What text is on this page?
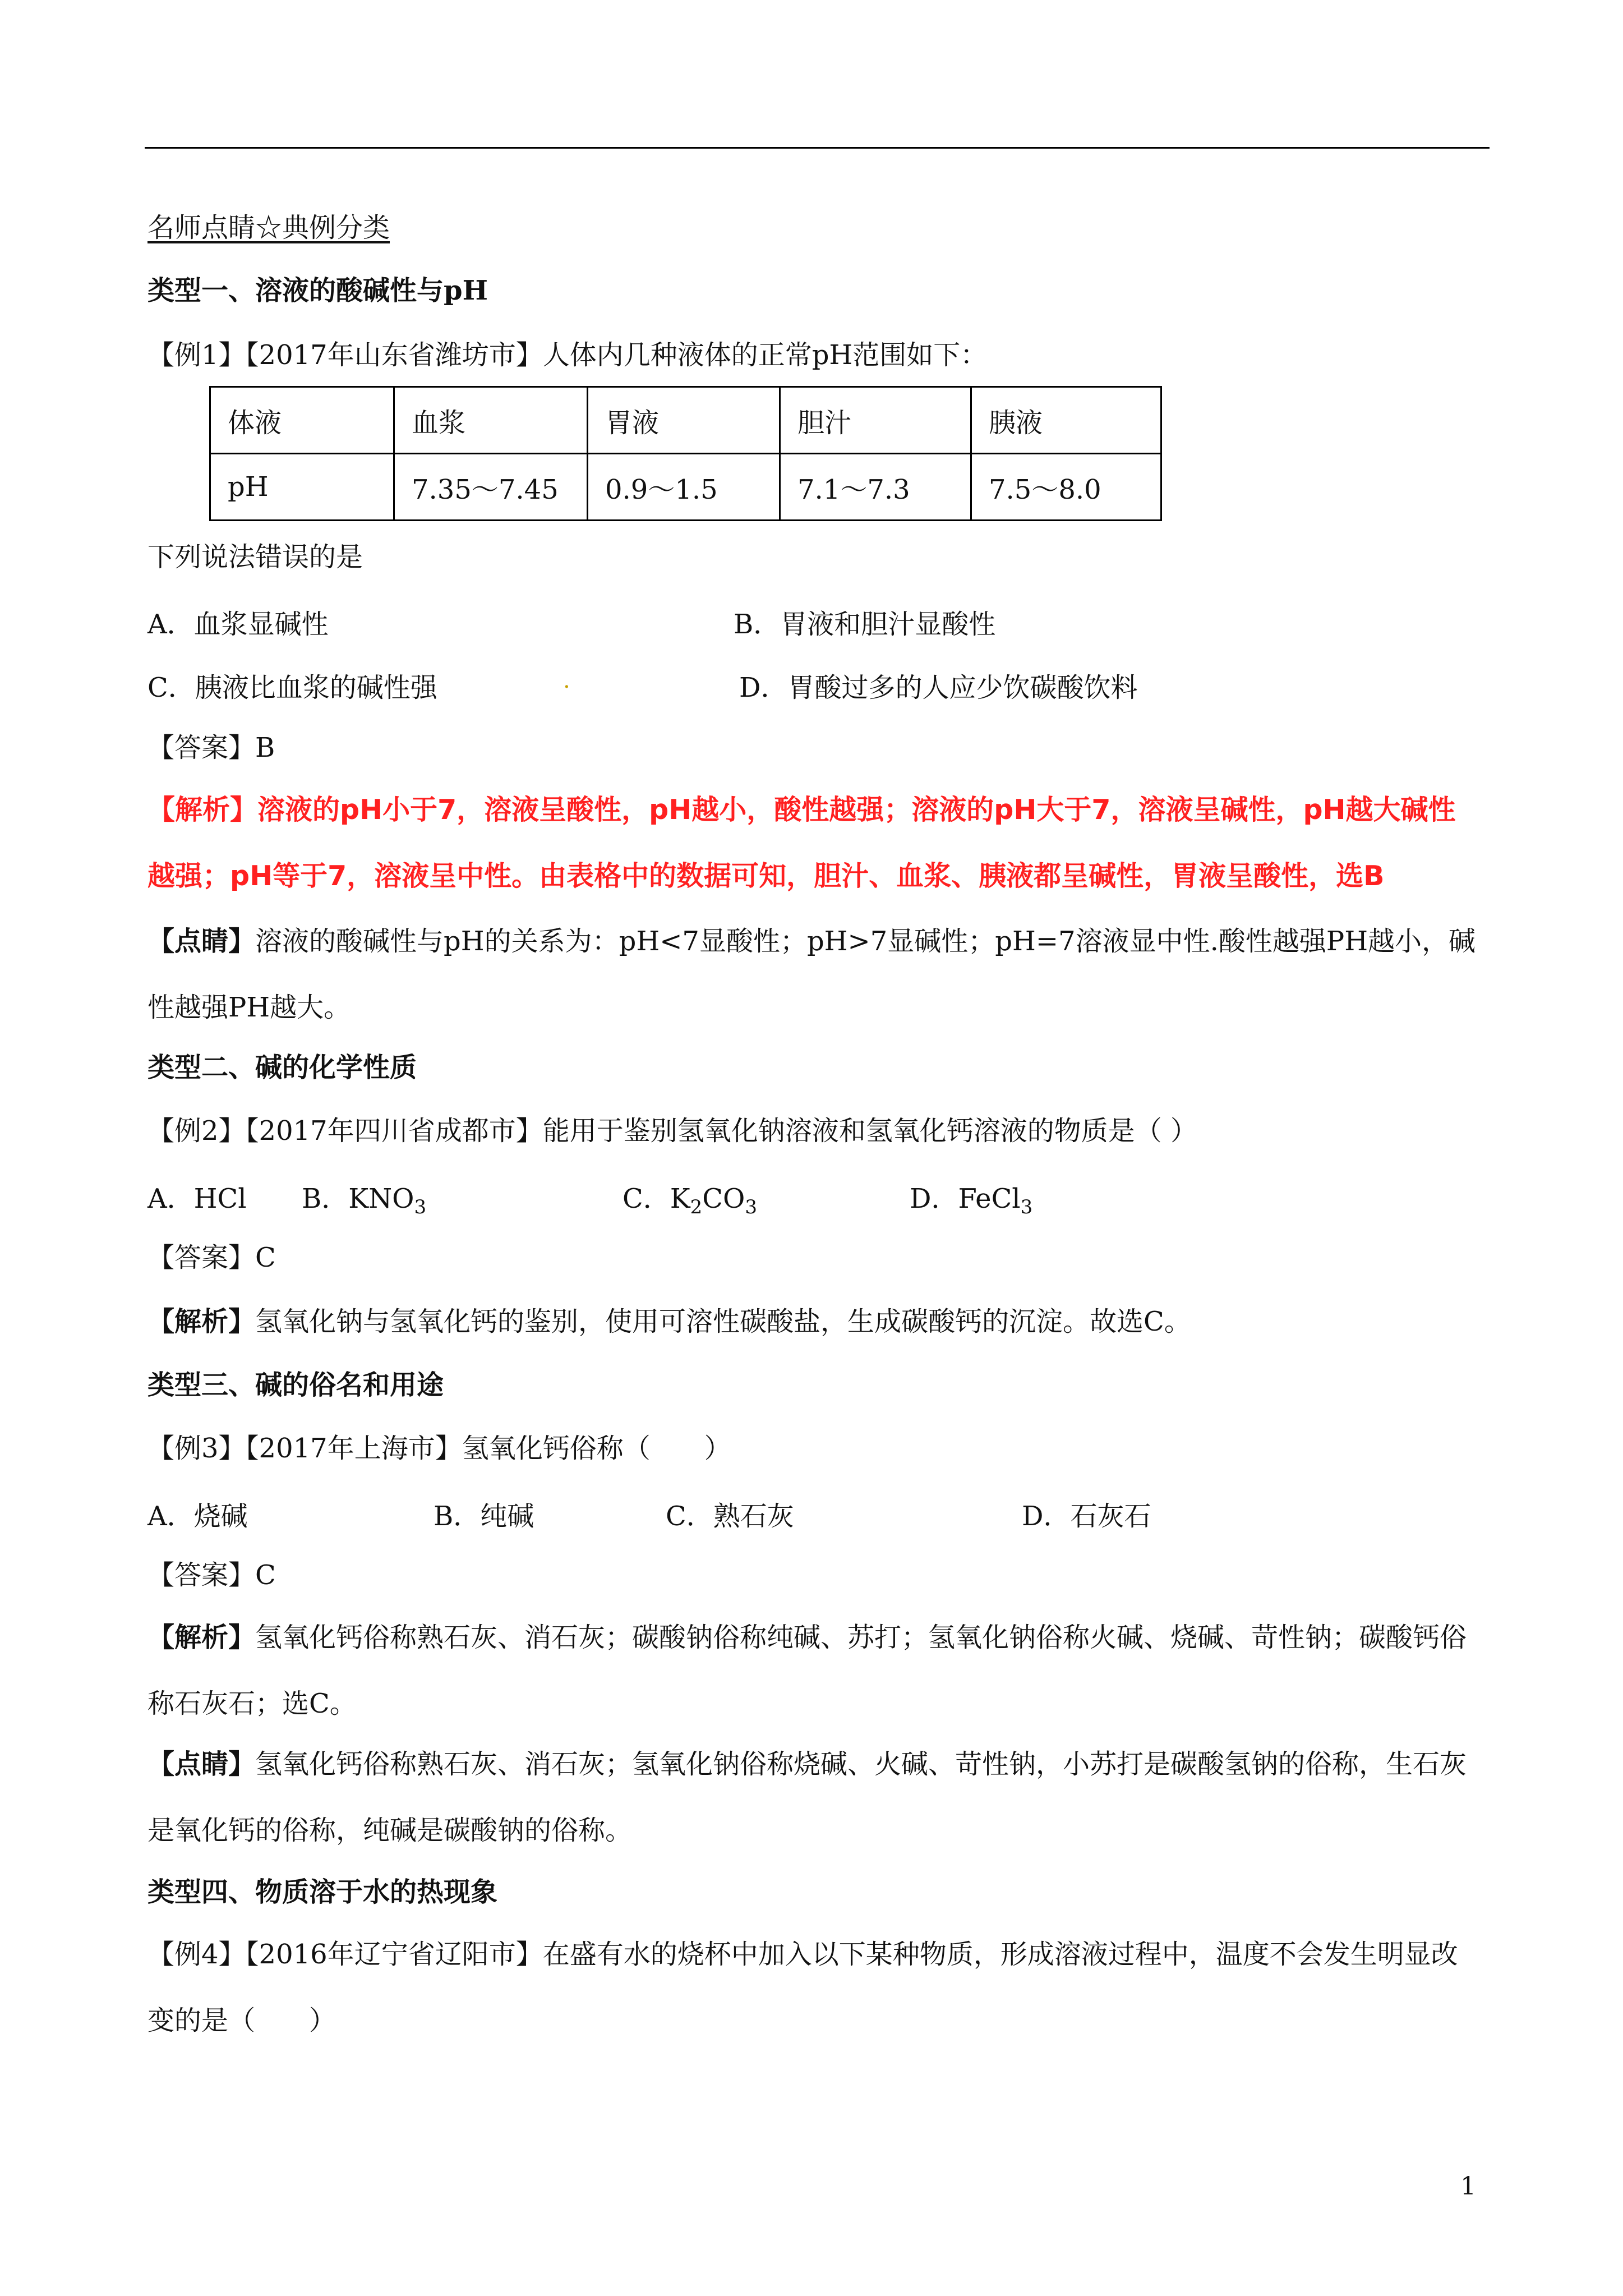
名师点睛☆典例分类
类型一、溶液的酸碱性与pH
【例1】【2017年山东省潍坊市】人体内几种液体的正常pH范围如下：
体液	血浆	胃液	胆汁	胰液
pH	7.35～7.45	0.9～1.5	7.1～7.3	7.5～8.0
下列说法错误的是
A．血浆显碱性	B．胃液和胆汁显酸性
C．胰液比血浆的碱性强	.	D．胃酸过多的人应少饮碳酸饮料
【答案】B
【解析】溶液的pH小于7，溶液呈酸性，pH越小，酸性越强；溶液的pH大于7，溶液呈碱性，pH越大碱性越强；pH等于7，溶液呈中性。由表格中的数据可知，胆汁、血浆、胰液都呈碱性，胃液呈酸性，选B
【点睛】溶液的酸碱性与pH的关系为：pH<7显酸性；pH>7显碱性；pH=7溶液显中性.酸性越强PH越小，碱性越强PH越大。
类型二、碱的化学性质
【例2】【2017年四川省成都市】能用于鉴别氢氧化钠溶液和氢氧化钙溶液的物质是（ ）
A．HCl B．$KNO_3$	C．$K_2CO_3$	D．FeCl$_3$
【答案】C
【解析】氢氧化钠与氢氧化钙的鉴别，使用可溶性碳酸盐，生成碳酸钙的沉淀。故选C。
类型三、碱的俗名和用途
【例3】【2017年上海市】氢氧化钙俗称（　　）
A．烧碱	B．纯碱	C．熟石灰	D．石灰石
【答案】C
【解析】氢氧化钙俗称熟石灰、消石灰；碳酸钠俗称纯碱、苏打；氢氧化钠俗称火碱、烧碱、苛性钠；碳酸钙俗称石灰石；选C。
【点睛】氢氧化钙俗称熟石灰、消石灰；氢氧化钠俗称烧碱、火碱、苛性钠，小苏打是碳酸氢钠的俗称，生石灰是氧化钙的俗称，纯碱是碳酸钠的俗称。
类型四、物质溶于水的热现象
【例4】【2016年辽宁省辽阳市】在盛有水的烧杯中加入以下某种物质，形成溶液过程中，温度不会发生明显改变的是（　　）
1
